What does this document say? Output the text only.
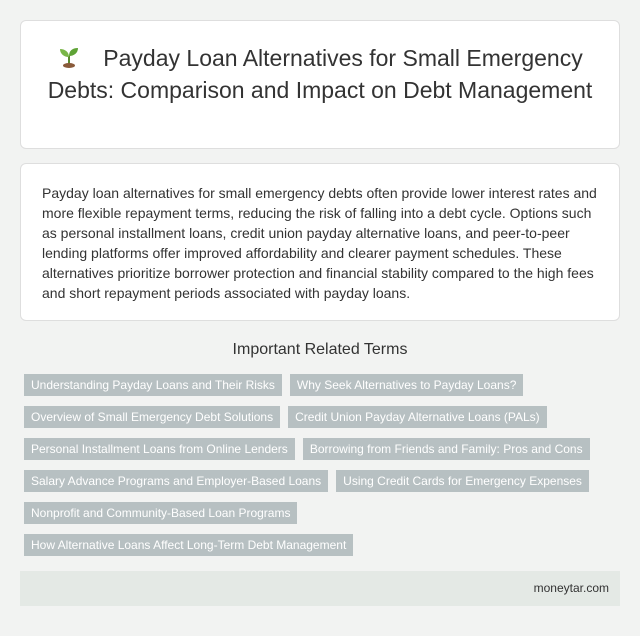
Payday Loan Alternatives for Small Emergency Debts: Comparison and Impact on Debt Management

Payday loan alternatives for small emergency debts often provide lower interest rates and more flexible repayment terms, reducing the risk of falling into a debt cycle. Options such as personal installment loans, credit union payday alternative loans, and peer-to-peer lending platforms offer improved affordability and clearer payment schedules. These alternatives prioritize borrower protection and financial stability compared to the high fees and short repayment periods associated with payday loans.

Important Related Terms
Understanding Payday Loans and Their Risks	Why Seek Alternatives to Payday Loans?
Overview of Small Emergency Debt Solutions	Credit Union Payday Alternative Loans (PALs)
Personal Installment Loans from Online Lenders	Borrowing from Friends and Family: Pros and Cons
Salary Advance Programs and Employer-Based Loans	Using Credit Cards for Emergency Expenses
Nonprofit and Community-Based Loan Programs
How Alternative Loans Affect Long-Term Debt Management
moneytar.com
